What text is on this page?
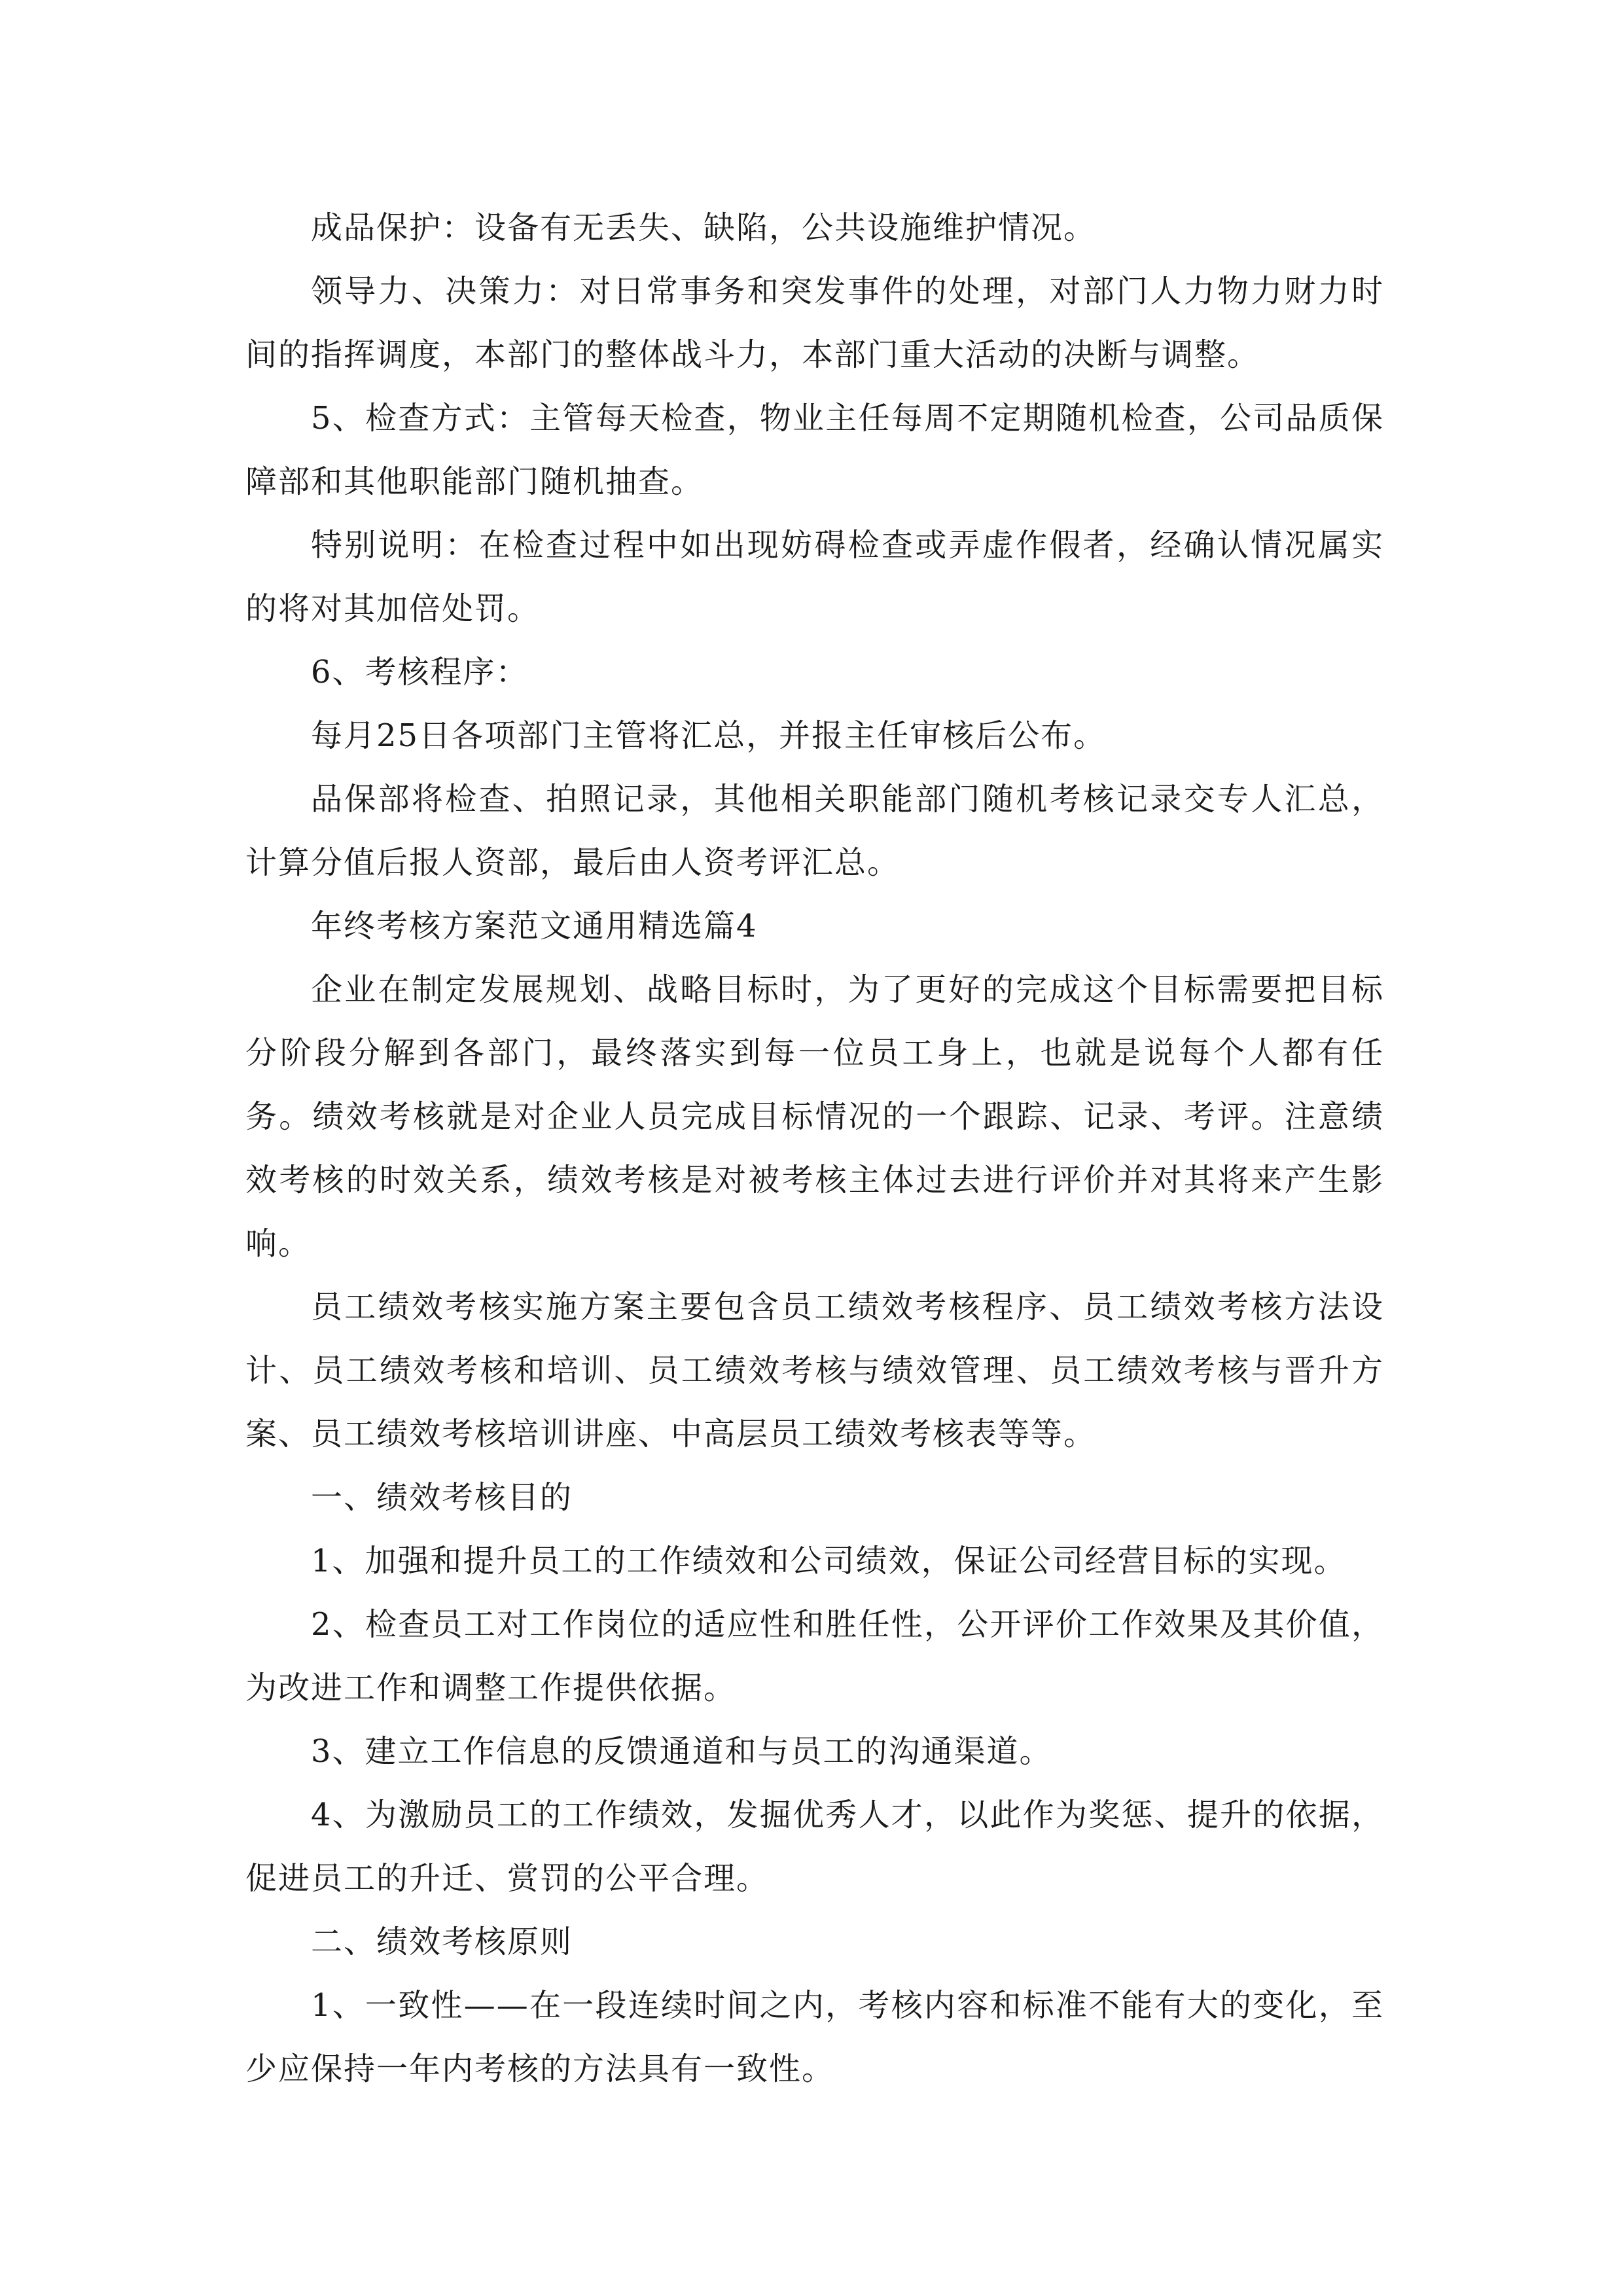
成品保护：设备有无丢失、缺陷，公共设施维护情况。

领导力、决策力：对日常事务和突发事件的处理，对部门人力物力财力时间的指挥调度，本部门的整体战斗力，本部门重大活动的决断与调整。

5、检查方式：主管每天检查，物业主任每周不定期随机检查，公司品质保障部和其他职能部门随机抽查。

特别说明：在检查过程中如出现妨碍检查或弄虚作假者，经确认情况属实的将对其加倍处罚。

6、考核程序：

每月25日各项部门主管将汇总，并报主任审核后公布。

品保部将检查、拍照记录，其他相关职能部门随机考核记录交专人汇总，计算分值后报人资部，最后由人资考评汇总。

年终考核方案范文通用精选篇4

企业在制定发展规划、战略目标时，为了更好的完成这个目标需要把目标分阶段分解到各部门，最终落实到每一位员工身上，也就是说每个人都有任务。绩效考核就是对企业人员完成目标情况的一个跟踪、记录、考评。注意绩效考核的时效关系，绩效考核是对被考核主体过去进行评价并对其将来产生影响。

员工绩效考核实施方案主要包含员工绩效考核程序、员工绩效考核方法设计、员工绩效考核和培训、员工绩效考核与绩效管理、员工绩效考核与晋升方案、员工绩效考核培训讲座、中高层员工绩效考核表等等。

一、绩效考核目的

1、加强和提升员工的工作绩效和公司绩效，保证公司经营目标的实现。

2、检查员工对工作岗位的适应性和胜任性，公开评价工作效果及其价值，为改进工作和调整工作提供依据。

3、建立工作信息的反馈通道和与员工的沟通渠道。

4、为激励员工的工作绩效，发掘优秀人才，以此作为奖惩、提升的依据，促进员工的升迁、赏罚的公平合理。

二、绩效考核原则

1、一致性——在一段连续时间之内，考核内容和标准不能有大的变化，至少应保持一年内考核的方法具有一致性。
